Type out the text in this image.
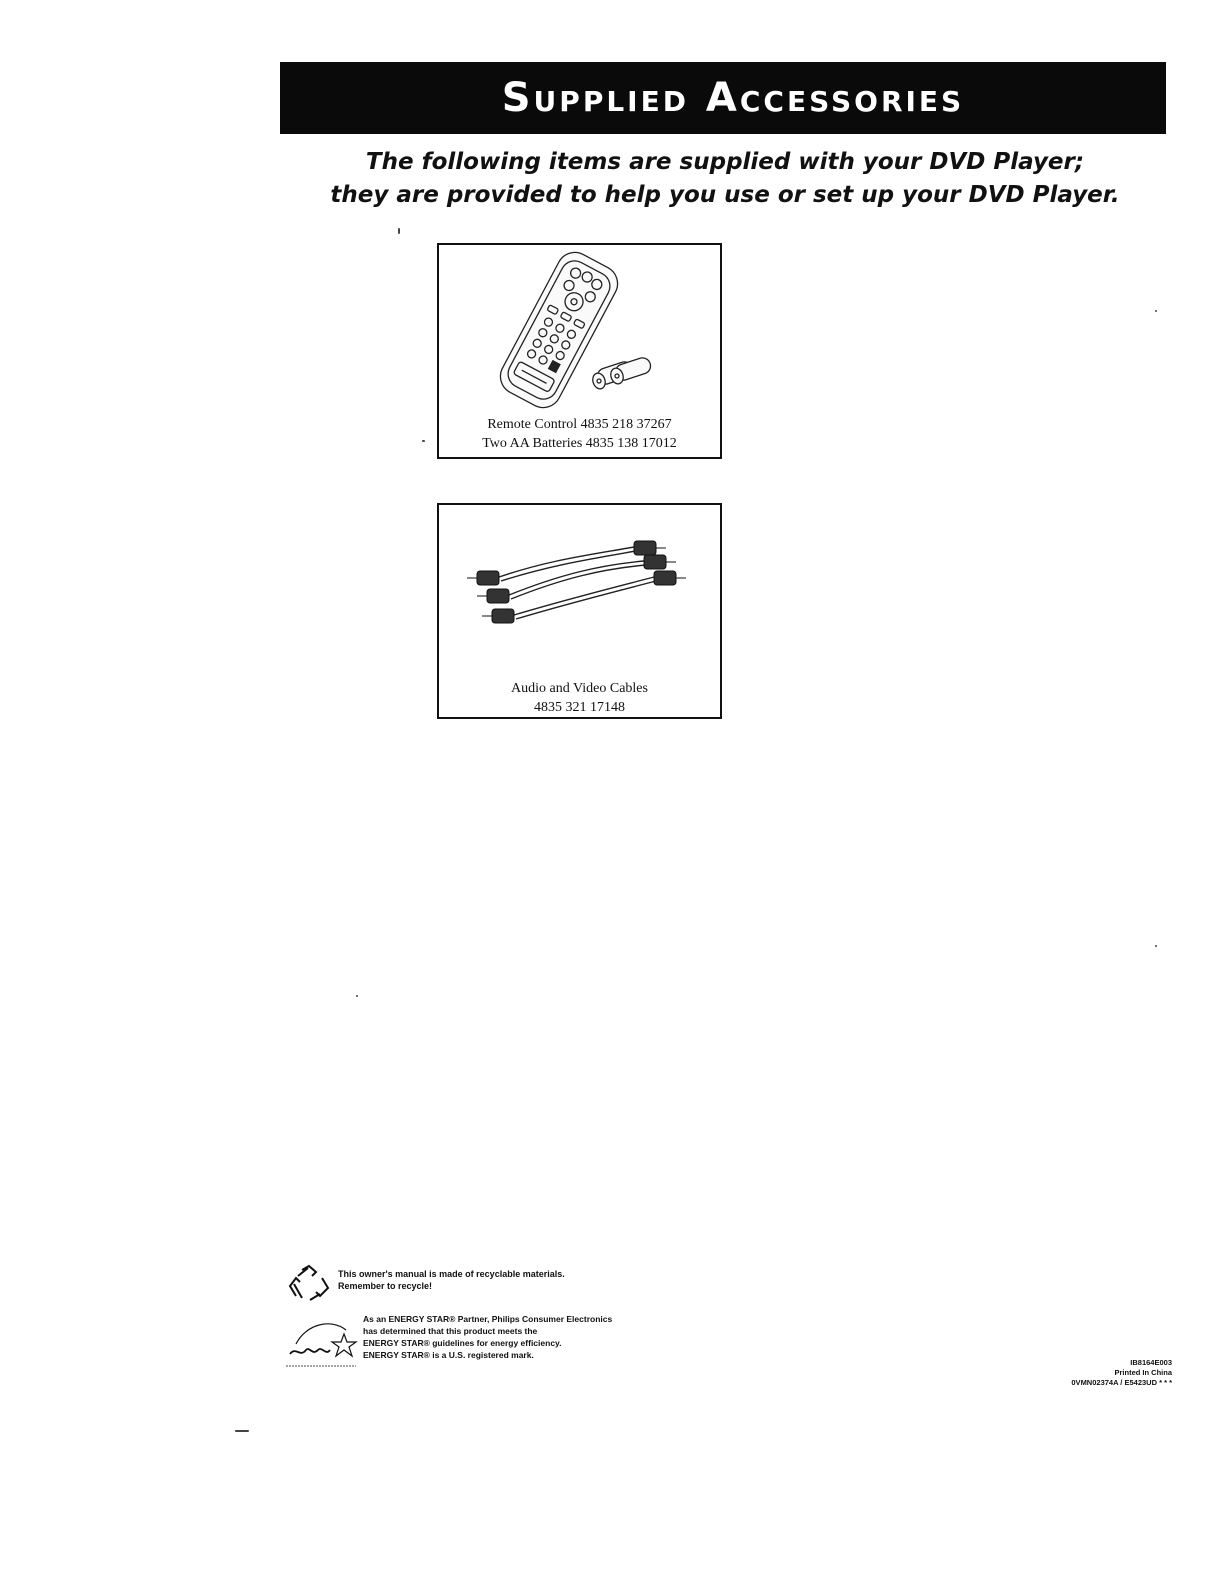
Supplied Accessories
The following items are supplied with your DVD Player;
they are provided to help you use or set up your DVD Player.
Remote Control 4835 218 37267
Two AA Batteries 4835 138 17012
Audio and Video Cables
4835 321 17148
This owner's manual is made of recyclable materials.
Remember to recycle!
As an ENERGY STAR® Partner, Philips Consumer Electronics
has determined that this product meets the
ENERGY STAR® guidelines for energy efficiency.
ENERGY STAR® is a U.S. registered mark.
IB8164E003
Printed In China
0VMN02374A / E5423UD * * *
